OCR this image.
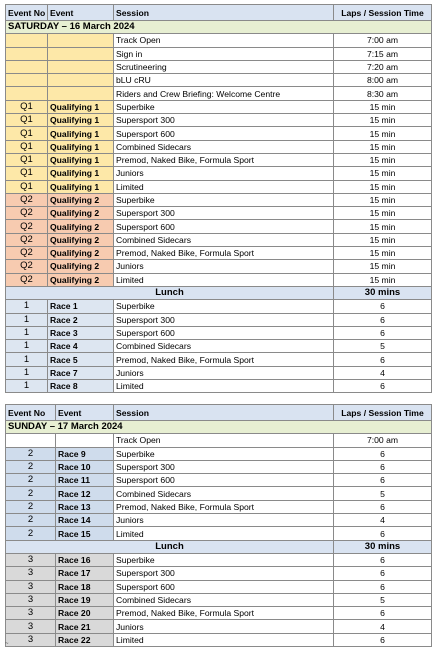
Event No	Event	Session	Laps / Session Time
SATURDAY – 16 March 2024			
		Track Open	7:00 am
		Sign in	7:15 am
		Scrutineering	7:20 am
		bLU cRU	8:00 am
		Riders and Crew Briefing: Welcome Centre	8:30 am
Q1	Qualifying 1	Superbike	15 min
Q1	Qualifying 1	Supersport 300	15 min
Q1	Qualifying 1	Supersport 600	15 min
Q1	Qualifying 1	Combined Sidecars	15 min
Q1	Qualifying 1	Premod, Naked Bike, Formula Sport	15 min
Q1	Qualifying 1	Juniors	15 min
Q1	Qualifying 1	Limited	15 min
Q2	Qualifying 2	Superbike	15 min
Q2	Qualifying 2	Supersport 300	15 min
Q2	Qualifying 2	Supersport 600	15 min
Q2	Qualifying 2	Combined Sidecars	15 min
Q2	Qualifying 2	Premod, Naked Bike, Formula Sport	15 min
Q2	Qualifying 2	Juniors	15 min
Q2	Qualifying 2	Limited	15 min
Lunch			30 mins
1	Race 1	Superbike	6
1	Race 2	Supersport 300	6
1	Race 3	Supersport 600	6
1	Race 4	Combined Sidecars	5
1	Race 5	Premod, Naked Bike, Formula Sport	6
1	Race 7	Juniors	4
1	Race 8	Limited	6
Event No	Event	Session	Laps / Session Time
SUNDAY – 17 March 2024			
		Track Open	7:00 am
2	Race 9	Superbike	6
2	Race 10	Supersport 300	6
2	Race 11	Supersport 600	6
2	Race 12	Combined Sidecars	5
2	Race 13	Premod, Naked Bike, Formula Sport	6
2	Race 14	Juniors	4
2	Race 15	Limited	6
Lunch			30 mins
3	Race 16	Superbike	6
3	Race 17	Supersport 300	6
3	Race 18	Supersport 600	6
3	Race 19	Combined Sidecars	5
3	Race 20	Premod, Naked Bike, Formula Sport	6
3	Race 21	Juniors	4
3	Race 22	Limited	6
~
